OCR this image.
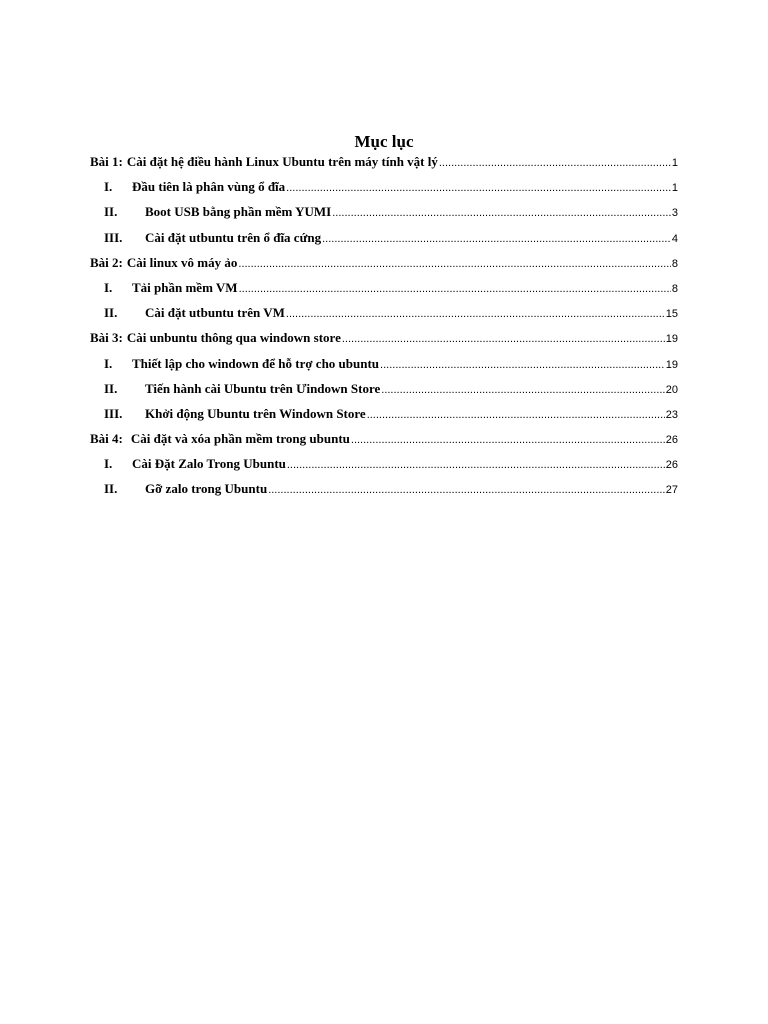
Mục lục
Bài 1: Cài đặt hệ điều hành Linux Ubuntu trên máy tính vật lý .....	1
I.	Đầu tiên là phân vùng ổ đĩa .....	1
II.	Boot USB bằng phần mềm YUMI .....	3
III.	Cài đặt utbuntu trên ổ đĩa cứng .....	4
Bài 2: Cài linux vô máy ảo .....	8
I.	Tải phần mềm VM .....	8
II.	Cài đặt utbuntu trên VM .....	15
Bài 3: Cài unbuntu thông qua windown store .....	19
I.	Thiết lập cho windown để hỗ trợ cho ubuntu .....	19
II.	Tiến hành cài Ubuntu trên Ưindown Store .....	20
III.	Khởi động Ubuntu trên Windown Store .....	23
Bài 4: Cài đặt và xóa phần mềm trong ubuntu .....	26
I.	Cài Đặt Zalo Trong Ubuntu .....	26
II.	Gỡ zalo trong Ubuntu .....	27
